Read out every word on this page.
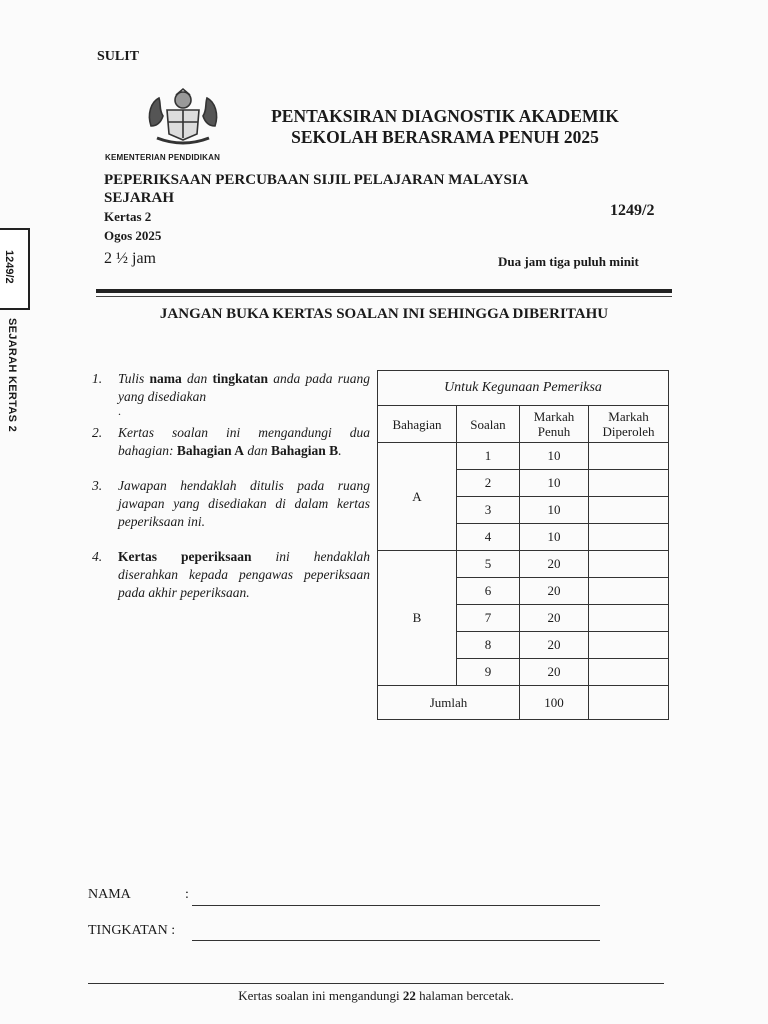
SULIT
KEMENTERIAN PENDIDIKAN
PENTAKSIRAN DIAGNOSTIK AKADEMIK
SEKOLAH BERASRAMA PENUH 2025
PEPERIKSAAN PERCUBAAN SIJIL PELAJARAN MALAYSIA
SEJARAH
Kertas 2	1249/2
Ogos 2025
2 ½ jam	Dua jam tiga puluh minit
JANGAN BUKA KERTAS SOALAN INI SEHINGGA DIBERITAHU
1249/2
SEJARAH KERTAS 2	1. Tulis nama dan tingkatan anda pada ruang yang disediakan
.
2. Kertas soalan ini mengandungi dua bahagian: Bahagian A dan Bahagian B.
3. Jawapan hendaklah ditulis pada ruang jawapan yang disediakan di dalam kertas peperiksaan ini.
4. Kertas peperiksaan ini hendaklah diserahkan kepada pengawas peperiksaan pada akhir peperiksaan.
Untuk Kegunaan Pemeriksa			
Bahagian	Soalan	Markah Penuh	Markah Diperoleh
A	1	10	
	2	10	
	3	10	
	4	10	
B	5	20	
	6	20	
	7	20	
	8	20	
	9	20	
Jumlah		100	
NAMA	:
TINGKATAN :
Kertas soalan ini mengandungi 22 halaman bercetak.
